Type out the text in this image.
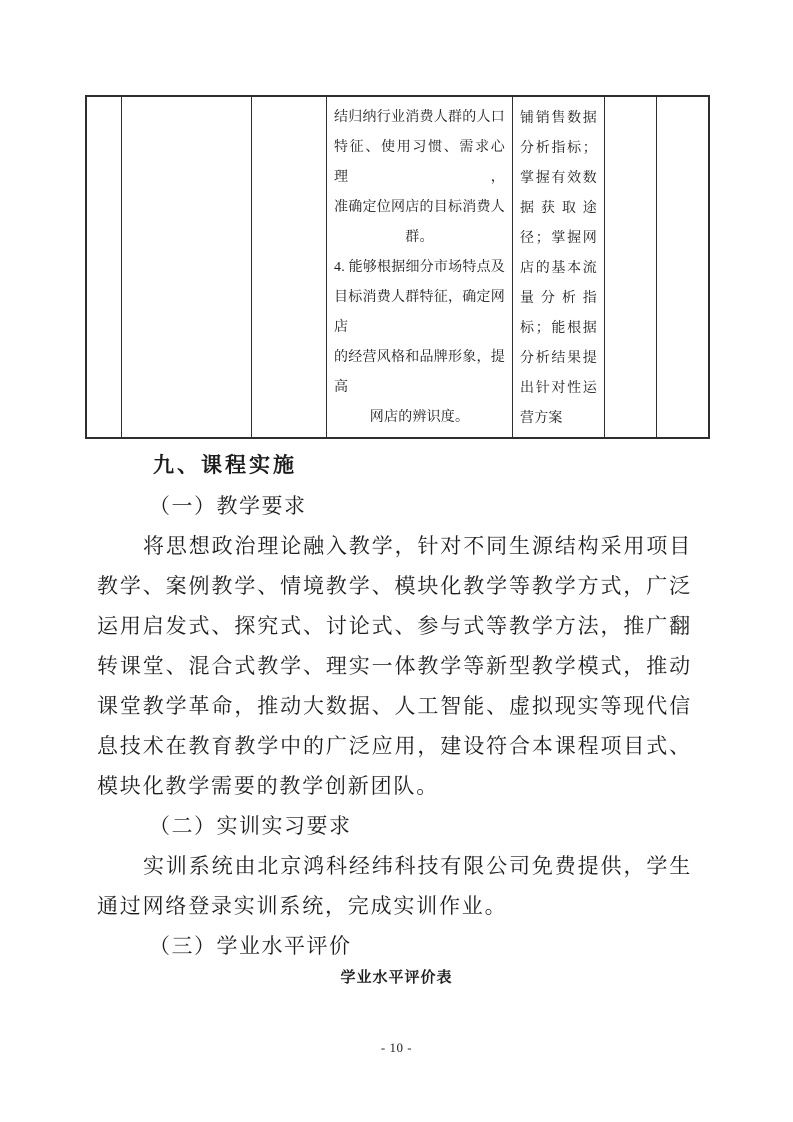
结归纳行业消费人群的人口
特征、使用习惯、需求心理，
准确定位网店的目标消费人
群。
4. 能够根据细分市场特点及
目标消费人群特征，确定网店
的经营风格和品牌形象，提高
网店的辨识度。
铺销售数据
分析指标；
掌握有效数
据获取途
径；掌握网
店的基本流
量分析指
标；能根据
分析结果提
出针对性运
营方案
九、课程实施
（一）教学要求
将思想政治理论融入教学，针对不同生源结构采用项目
教学、案例教学、情境教学、模块化教学等教学方式，广泛
运用启发式、探究式、讨论式、参与式等教学方法，推广翻
转课堂、混合式教学、理实一体教学等新型教学模式，推动
课堂教学革命，推动大数据、人工智能、虚拟现实等现代信
息技术在教育教学中的广泛应用，建设符合本课程项目式、
模块化教学需要的教学创新团队。
（二）实训实习要求
实训系统由北京鸿科经纬科技有限公司免费提供，学生
通过网络登录实训系统，完成实训作业。
（三）学业水平评价
学业水平评价表
- 10 -
